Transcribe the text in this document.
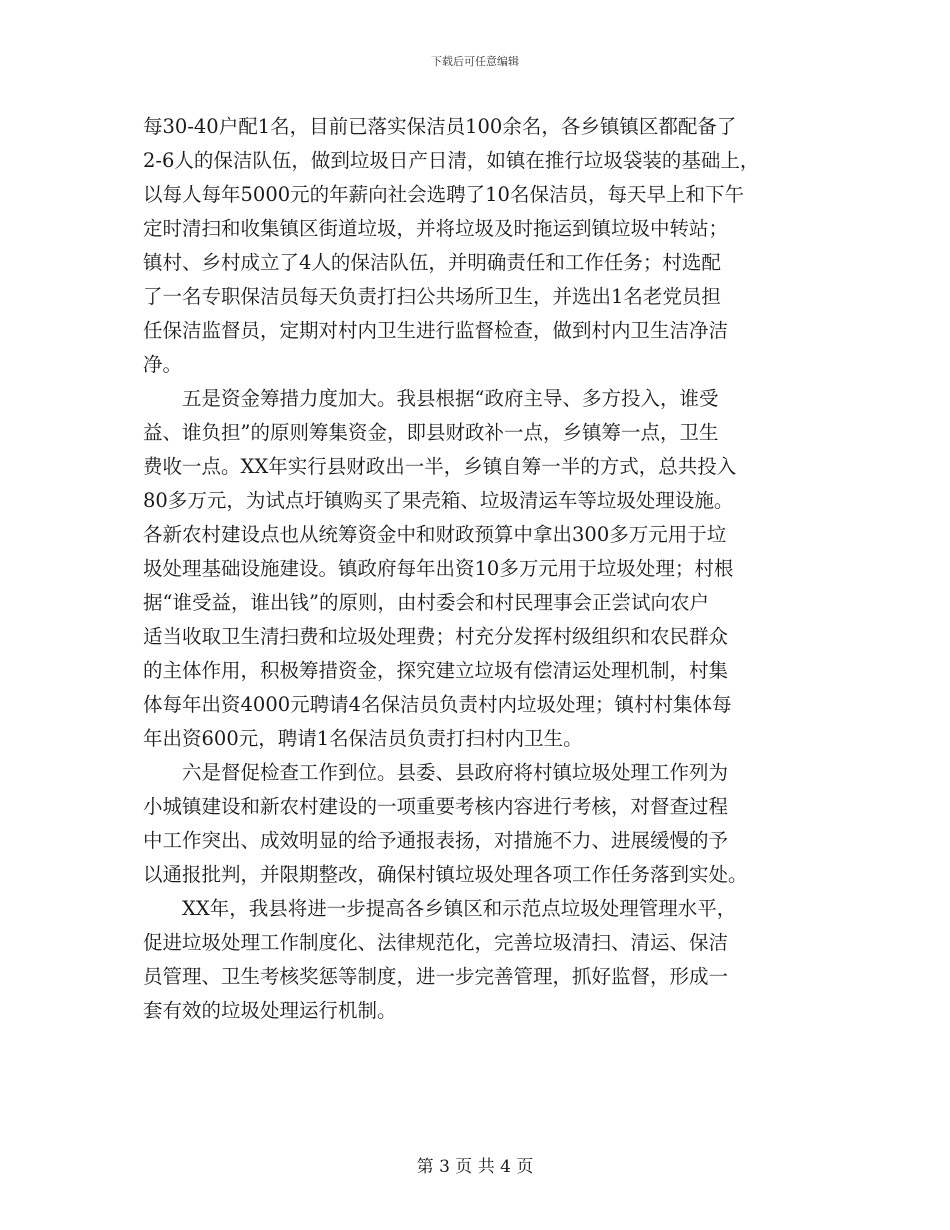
下载后可任意编辑
每30-40户配1名，目前已落实保洁员100余名，各乡镇镇区都配备了
2-6人的保洁队伍，做到垃圾日产日清，如镇在推行垃圾袋装的基础上，
以每人每年5000元的年薪向社会选聘了10名保洁员，每天早上和下午
定时清扫和收集镇区街道垃圾，并将垃圾及时拖运到镇垃圾中转站；
镇村、乡村成立了4人的保洁队伍，并明确责任和工作任务；村选配
了一名专职保洁员每天负责打扫公共场所卫生，并选出1名老党员担
任保洁监督员，定期对村内卫生进行监督检查，做到村内卫生洁净洁
净。
　　五是资金筹措力度加大。我县根据“政府主导、多方投入，谁受
益、谁负担”的原则筹集资金，即县财政补一点，乡镇筹一点，卫生
费收一点。XX年实行县财政出一半，乡镇自筹一半的方式，总共投入
80多万元，为试点圩镇购买了果壳箱、垃圾清运车等垃圾处理设施。
各新农村建设点也从统筹资金中和财政预算中拿出300多万元用于垃
圾处理基础设施建设。镇政府每年出资10多万元用于垃圾处理；村根
据“谁受益，谁出钱”的原则，由村委会和村民理事会正尝试向农户
适当收取卫生清扫费和垃圾处理费；村充分发挥村级组织和农民群众
的主体作用，积极筹措资金，探究建立垃圾有偿清运处理机制，村集
体每年出资4000元聘请4名保洁员负责村内垃圾处理；镇村村集体每
年出资600元，聘请1名保洁员负责打扫村内卫生。
　　六是督促检查工作到位。县委、县政府将村镇垃圾处理工作列为
小城镇建设和新农村建设的一项重要考核内容进行考核，对督查过程
中工作突出、成效明显的给予通报表扬，对措施不力、进展缓慢的予
以通报批判，并限期整改，确保村镇垃圾处理各项工作任务落到实处。
　　XX年，我县将进一步提高各乡镇区和示范点垃圾处理管理水平，
促进垃圾处理工作制度化、法律规范化，完善垃圾清扫、清运、保洁
员管理、卫生考核奖惩等制度，进一步完善管理，抓好监督，形成一
套有效的垃圾处理运行机制。
第 3 页 共 4 页
